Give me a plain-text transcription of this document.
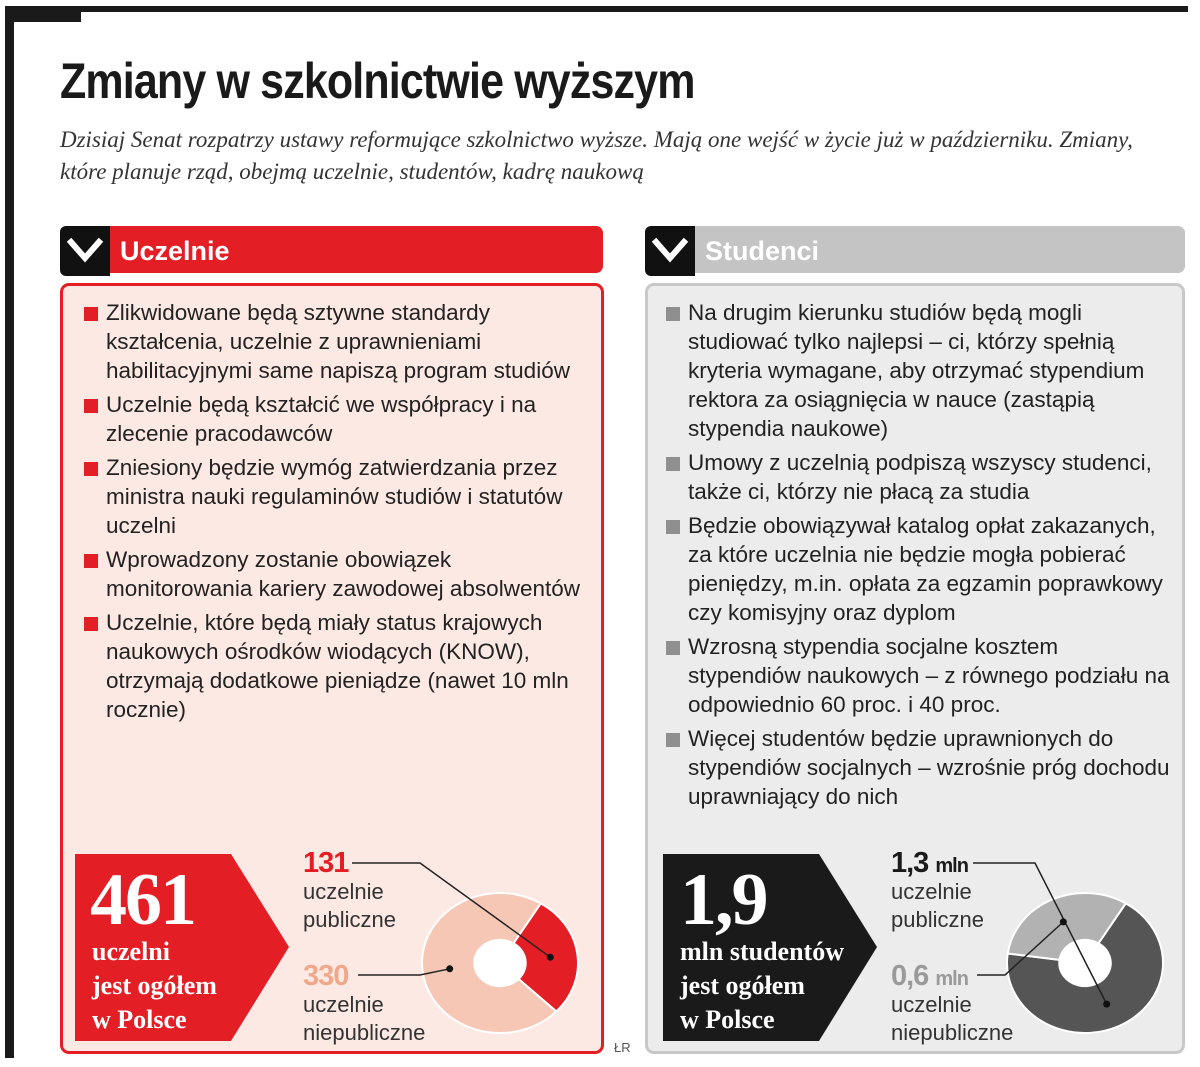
Zmiany w szkolnictwie wyższym

Dzisiaj Senat rozpatrzy ustawy reformujące szkolnictwo wyższe. Mają one wejść w życie już w październiku. Zmiany, które planuje rząd, obejmą uczelnie, studentów, kadrę naukową

Uczelnie
Zlikwidowane będą sztywne standardy kształcenia, uczelnie z uprawnieniami habilitacyjnymi same napiszą program studiów
Uczelnie będą kształcić we współpracy i na zlecenie pracodawców
Zniesiony będzie wymóg zatwierdzania przez ministra nauki regulaminów studiów i statutów uczelni
Wprowadzony zostanie obowiązek monitorowania kariery zawodowej absolwentów
Uczelnie, które będą miały status krajowych naukowych ośrodków wiodących (KNOW), otrzymają dodatkowe pieniądze (nawet 10 mln rocznie)
461
uczelni
jest ogółem
w Polsce
131
uczelnie
publiczne
330
uczelnie
niepubliczne
ŁR
Studenci
Na drugim kierunku studiów będą mogli studiować tylko najlepsi – ci, którzy spełnią kryteria wymagane, aby otrzymać stypendium rektora za osiągnięcia w nauce (zastąpią stypendia naukowe)
Umowy z uczelnią podpiszą wszyscy studenci, także ci, którzy nie płacą za studia
Będzie obowiązywał katalog opłat zakazanych, za które uczelnia nie będzie mogła pobierać pieniędzy, m.in. opłata za egzamin poprawkowy czy komisyjny oraz dyplom
Wzrosną stypendia socjalne kosztem stypendiów naukowych – z równego podziału na odpowiednio 60 proc. i 40 proc.
Więcej studentów będzie uprawnionych do stypendiów socjalnych – wzrośnie próg dochodu uprawniający do nich
1,9
mln studentów
jest ogółem
w Polsce
1,3 mln
uczelnie
publiczne
0,6 mln
uczelnie
niepubliczne
